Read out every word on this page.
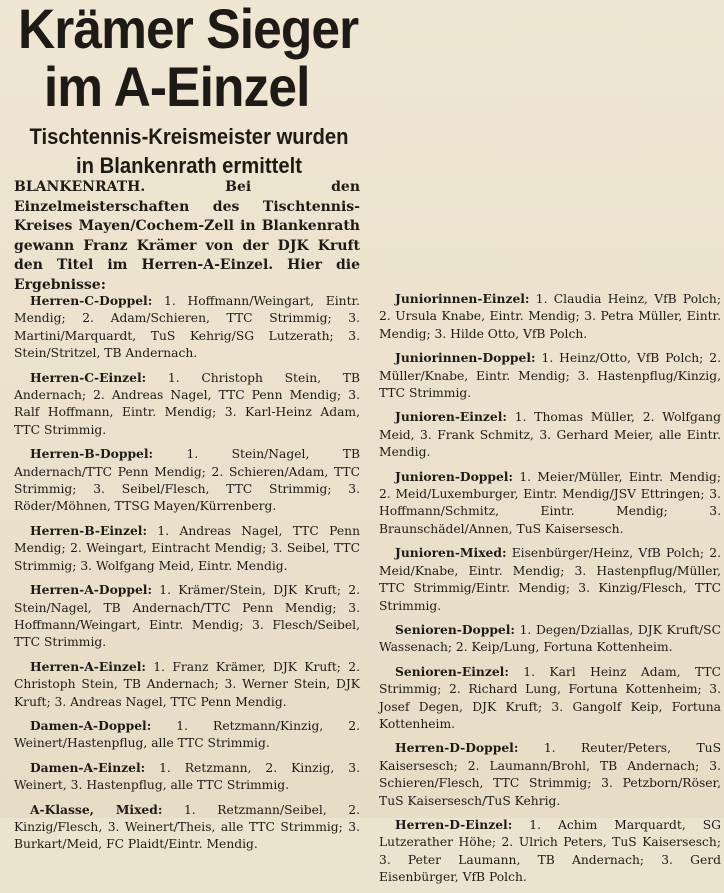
Krämer Sieger
im A-Einzel
Tischtennis-Kreismeister wurden
in Blankenrath ermittelt
BLANKENRATH. Bei den Einzelmeisterschaften des Tischtennis-Kreises Mayen/Cochem-Zell in Blankenrath gewann Franz Krämer von der DJK Kruft den Titel im Herren-A-Einzel. Hier die Ergebnisse:
Herren-C-Doppel: 1. Hoffmann/Weingart, Eintr. Mendig; 2. Adam/Schieren, TTC Strimmig; 3. Martini/Marquardt, TuS Kehrig/SG Lutzerath; 3. Stein/Stritzel, TB Andernach.
Herren-C-Einzel: 1. Christoph Stein, TB Andernach; 2. Andreas Nagel, TTC Penn Mendig; 3. Ralf Hoffmann, Eintr. Mendig; 3. Karl-Heinz Adam, TTC Strimmig.
Herren-B-Doppel:	1. Stein/Nagel, TB Andernach/TTC Penn Mendig; 2. Schieren/Adam, TTC Strimmig; 3. Seibel/Flesch, TTC Strimmig; 3. Röder/Möhnen, TTSG Mayen/Kürrenberg.
Herren-B-Einzel: 1. Andreas Nagel, TTC Penn Mendig; 2. Weingart, Eintracht Mendig; 3. Seibel, TTC Strimmig; 3. Wolfgang Meid, Eintr. Mendig.
Herren-A-Doppel: 1. Krämer/Stein, DJK Kruft; 2. Stein/Nagel, TB Andernach/TTC Penn Mendig; 3. Hoffmann/Weingart, Eintr. Mendig; 3. Flesch/Seibel, TTC Strimmig.
Herren-A-Einzel: 1. Franz Krämer, DJK Kruft; 2. Christoph Stein, TB Andernach; 3. Werner Stein, DJK Kruft; 3. Andreas Nagel, TTC Penn Mendig.
Damen-A-Doppel: 1. Retzmann/Kinzig, 2. Weinert/Hastenpflug, alle TTC Strimmig.
Damen-A-Einzel: 1. Retzmann, 2. Kinzig, 3. Weinert, 3. Hastenpflug, alle TTC Strimmig.
A-Klasse, Mixed: 1. Retzmann/Seibel, 2. Kinzig/Flesch, 3. Weinert/Theis, alle TTC Strimmig; 3. Burkart/Meid, FC Plaidt/Eintr. Mendig.
Juniorinnen-Einzel: 1. Claudia Heinz, VfB Polch; 2. Ursula Knabe, Eintr. Mendig; 3. Petra Müller, Eintr. Mendig; 3. Hilde Otto, VfB Polch.
Juniorinnen-Doppel: 1. Heinz/Otto, VfB Polch; 2. Müller/Knabe, Eintr. Mendig; 3. Hastenpflug/Kinzig, TTC Strimmig.
Junioren-Einzel: 1. Thomas Müller, 2. Wolfgang Meid, 3. Frank Schmitz, 3. Gerhard Meier, alle Eintr. Mendig.
Junioren-Doppel: 1. Meier/Müller, Eintr. Mendig; 2. Meid/Luxemburger, Eintr. Mendig/JSV Ettringen; 3. Hoffmann/Schmitz, Eintr. Mendig; 3. Braunschädel/Annen, TuS Kaisersesch.
Junioren-Mixed: Eisenbürger/Heinz, VfB Polch; 2. Meid/Knabe, Eintr. Mendig; 3. Hastenpflug/Müller, TTC Strimmig/Eintr. Mendig; 3. Kinzig/Flesch, TTC Strimmig.
Senioren-Doppel: 1. Degen/Dziallas, DJK Kruft/SC Wassenach; 2. Keip/Lung, Fortuna Kottenheim.
Senioren-Einzel: 1. Karl Heinz Adam, TTC Strimmig; 2. Richard Lung, Fortuna Kottenheim; 3. Josef Degen, DJK Kruft; 3. Gangolf Keip, Fortuna Kottenheim.
Herren-D-Doppel: 1. Reuter/Peters, TuS Kaisersesch; 2. Laumann/Brohl, TB Andernach; 3. Schieren/Flesch, TTC Strimmig; 3. Petzborn/Röser, TuS Kaisersesch/TuS Kehrig.
Herren-D-Einzel: 1. Achim Marquardt, SG Lutzerather Höhe; 2. Ulrich Peters, TuS Kaisersesch; 3. Peter Laumann, TB Andernach; 3. Gerd Eisenbürger, VfB Polch.
